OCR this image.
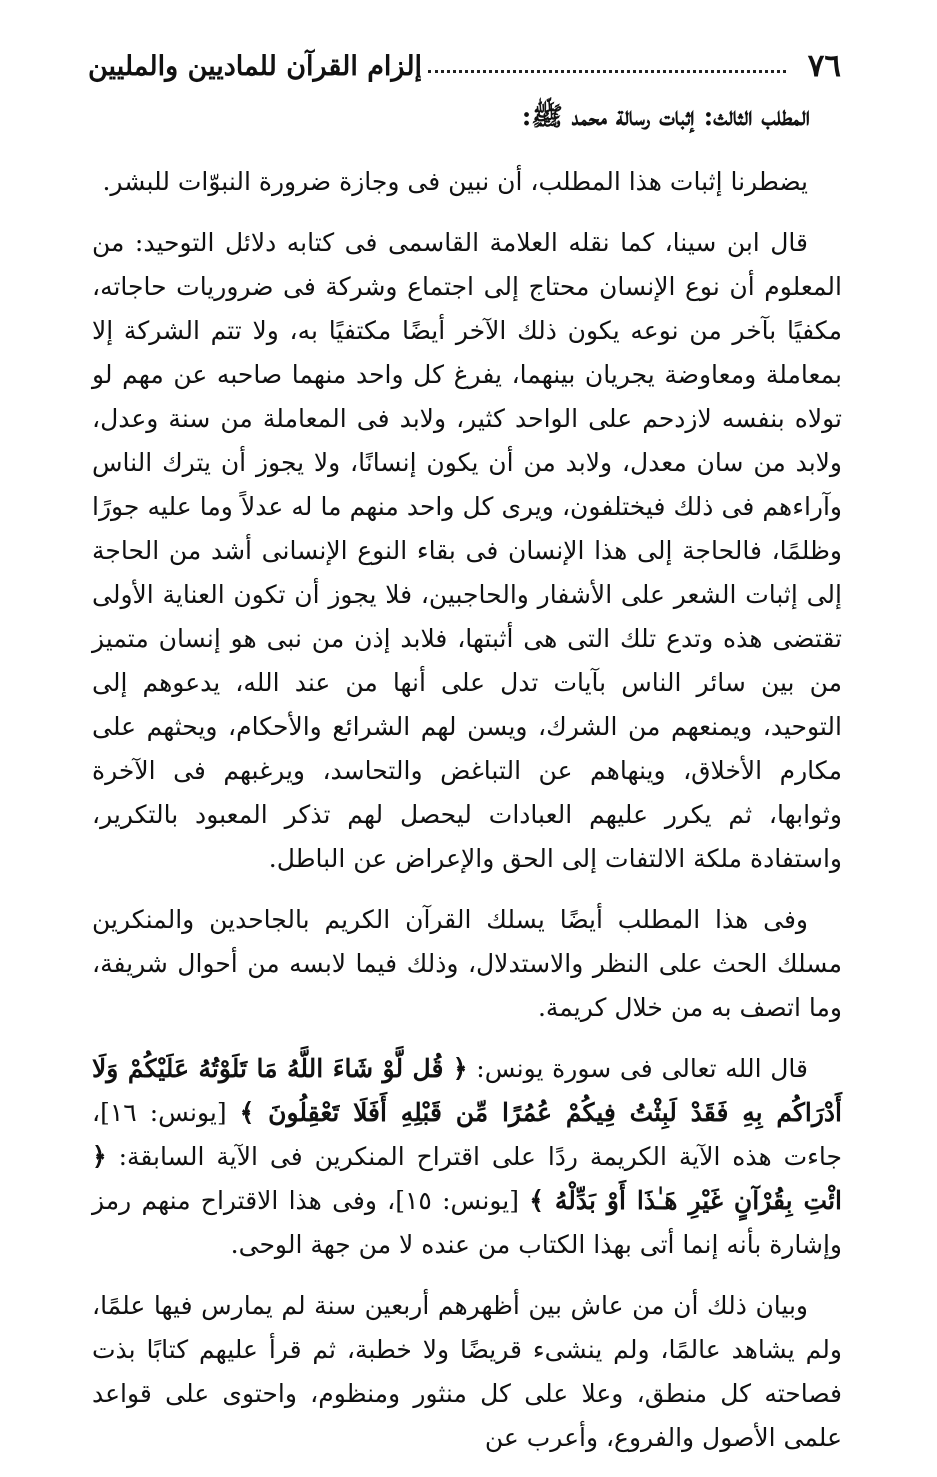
٧٦
إلزام القرآن للماديين والمليين
المطلب الثالث: إثبات رسالة محمد ﷺ:

يضطرنا إثبات هذا المطلب، أن نبين فى وجازة ضرورة النبوّات للبشر.

قال ابن سينا، كما نقله العلامة القاسمى فى كتابه دلائل التوحيد: من المعلوم أن نوع الإنسان محتاج إلى اجتماع وشركة فى ضروريات حاجاته، مكفيًا بآخر من نوعه يكون ذلك الآخر أيضًا مكتفيًا به، ولا تتم الشركة إلا بمعاملة ومعاوضة يجريان بينهما، يفرغ كل واحد منهما صاحبه عن مهم لو تولاه بنفسه لازدحم على الواحد كثير، ولابد فى المعاملة من سنة وعدل، ولابد من سان معدل، ولابد من أن يكون إنسانًا، ولا يجوز أن يترك الناس وآراءهم فى ذلك فيختلفون، ويرى كل واحد منهم ما له عدلاً وما عليه جورًا وظلمًا، فالحاجة إلى هذا الإنسان فى بقاء النوع الإنسانى أشد من الحاجة إلى إثبات الشعر على الأشفار والحاجبين، فلا يجوز أن تكون العناية الأولى تقتضى هذه وتدع تلك التى هى أثبتها، فلابد إذن من نبى هو إنسان متميز من بين سائر الناس بآيات تدل على أنها من عند الله، يدعوهم إلى التوحيد، ويمنعهم من الشرك، ويسن لهم الشرائع والأحكام، ويحثهم على مكارم الأخلاق، وينهاهم عن التباغض والتحاسد، ويرغبهم فى الآخرة وثوابها، ثم يكرر عليهم العبادات ليحصل لهم تذكر المعبود بالتكرير، واستفادة ملكة الالتفات إلى الحق والإعراض عن الباطل.

وفى هذا المطلب أيضًا يسلك القرآن الكريم بالجاحدين والمنكرين مسلك الحث على النظر والاستدلال، وذلك فيما لابسه من أحوال شريفة، وما اتصف به من خلال كريمة.

قال الله تعالى فى سورة يونس: ﴿ قُل لَّوْ شَاءَ اللَّهُ مَا تَلَوْتُهُ عَلَيْكُمْ وَلَا أَدْرَاكُم بِهِ فَقَدْ لَبِثْتُ فِيكُمْ عُمُرًا مِّن قَبْلِهِ أَفَلَا تَعْقِلُونَ ﴾ [يونس: ١٦]، جاءت هذه الآية الكريمة ردًا على اقتراح المنكرين فى الآية السابقة: ﴿ ائْتِ بِقُرْآنٍ غَيْرِ هَـٰذَا أَوْ بَدِّلْهُ ﴾ [يونس: ١٥]، وفى هذا الاقتراح منهم رمز وإشارة بأنه إنما أتى بهذا الكتاب من عنده لا من جهة الوحى.

وبيان ذلك أن من عاش بين أظهرهم أربعين سنة لم يمارس فيها علمًا، ولم يشاهد عالمًا، ولم ينشىء قريضًا ولا خطبة، ثم قرأ عليهم كتابًا بذت فصاحته كل منطق، وعلا على كل منثور ومنظوم، واحتوى على قواعد علمى الأصول والفروع، وأعرب عن
